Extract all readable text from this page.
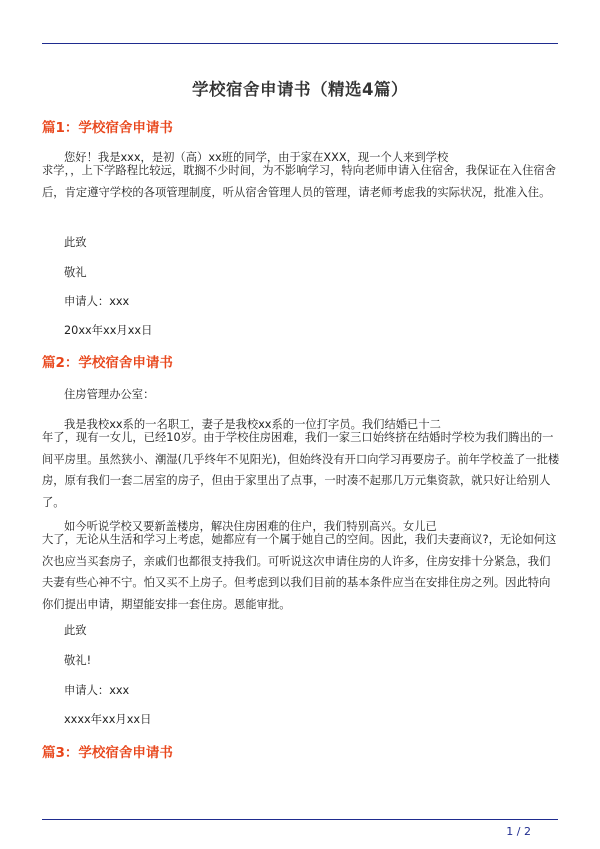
学校宿舍申请书（精选4篇）
篇1：学校宿舍申请书
您好！我是xxx，是初（高）xx班的同学，由于家在XXX，现一个人来到学校
求学，，上下学路程比较远，耽搁不少时间，为不影响学习，特向老师申请入住宿舍，我保证在入住宿舍后，肯定遵守学校的各项管理制度，听从宿舍管理人员的管理，请老师考虑我的实际状况，批准入住。
此致
敬礼
申请人：xxx
20xx年xx月xx日
篇2：学校宿舍申请书
住房管理办公室：
我是我校xx系的一名职工，妻子是我校xx系的一位打字员。我们结婚已十二
年了，现有一女儿，已经10岁。由于学校住房困难，我们一家三口始终挤在结婚时学校为我们腾出的一间平房里。虽然狭小、潮湿(几乎终年不见阳光)，但始终没有开口向学习再要房子。前年学校盖了一批楼房，原有我们一套二居室的房子，但由于家里出了点事，一时凑不起那几万元集资款，就只好让给别人了。
如今听说学校又要新盖楼房，解决住房困难的住户，我们特别高兴。女儿已
大了，无论从生活和学习上考虑，她都应有一个属于她自己的空间。因此，我们夫妻商议?，无论如何这次也应当买套房子，亲戚们也都很支持我们。可听说这次申请住房的人许多，住房安排十分紧急，我们夫妻有些心神不宁。怕又买不上房子。但考虑到以我们目前的基本条件应当在安排住房之列。因此特向你们提出申请，期望能安排一套住房。恩能审批。
此致
敬礼!
申请人：xxx
xxxx年xx月xx日
篇3：学校宿舍申请书
1 / 2
